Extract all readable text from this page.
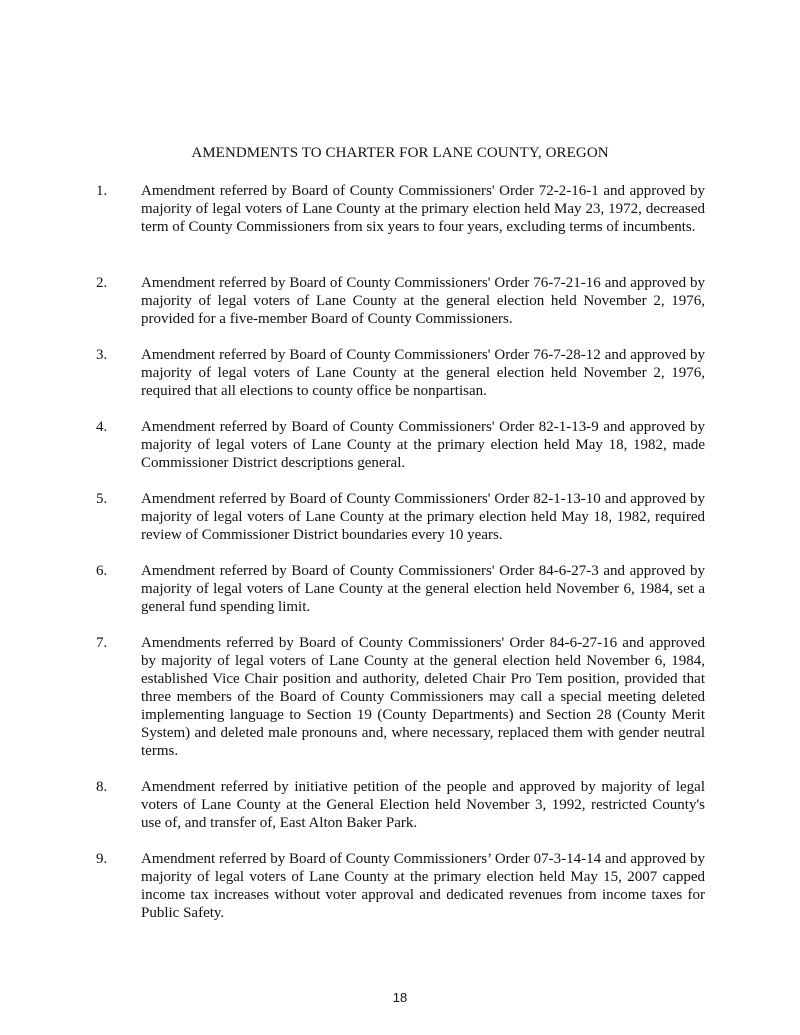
AMENDMENTS TO CHARTER FOR LANE COUNTY, OREGON
1. Amendment referred by Board of County Commissioners' Order 72-2-16-1 and approved by majority of legal voters of Lane County at the primary election held May 23, 1972, decreased term of County Commissioners from six years to four years, excluding terms of incumbents.
2. Amendment referred by Board of County Commissioners' Order 76-7-21-16 and approved by majority of legal voters of Lane County at the general election held November 2, 1976, provided for a five-member Board of County Commissioners.
3. Amendment referred by Board of County Commissioners' Order 76-7-28-12 and approved by majority of legal voters of Lane County at the general election held November 2, 1976, required that all elections to county office be nonpartisan.
4. Amendment referred by Board of County Commissioners' Order 82-1-13-9 and approved by majority of legal voters of Lane County at the primary election held May 18, 1982, made Commissioner District descriptions general.
5. Amendment referred by Board of County Commissioners' Order 82-1-13-10 and approved by majority of legal voters of Lane County at the primary election held May 18, 1982, required review of Commissioner District boundaries every 10 years.
6. Amendment referred by Board of County Commissioners' Order 84-6-27-3 and approved by majority of legal voters of Lane County at the general election held November 6, 1984, set a general fund spending limit.
7. Amendments referred by Board of County Commissioners' Order 84-6-27-16 and approved by majority of legal voters of Lane County at the general election held November 6, 1984, established Vice Chair position and authority, deleted Chair Pro Tem position, provided that three members of the Board of County Commissioners may call a special meeting deleted implementing language to Section 19 (County Departments) and Section 28 (County Merit System) and deleted male pronouns and, where necessary, replaced them with gender neutral terms.
8. Amendment referred by initiative petition of the people and approved by majority of legal voters of Lane County at the General Election held November 3, 1992, restricted County's use of, and transfer of, East Alton Baker Park.
9. Amendment referred by Board of County Commissioners’ Order 07-3-14-14 and approved by majority of legal voters of Lane County at the primary election held May 15, 2007 capped income tax increases without voter approval and dedicated revenues from income taxes for Public Safety.
18
